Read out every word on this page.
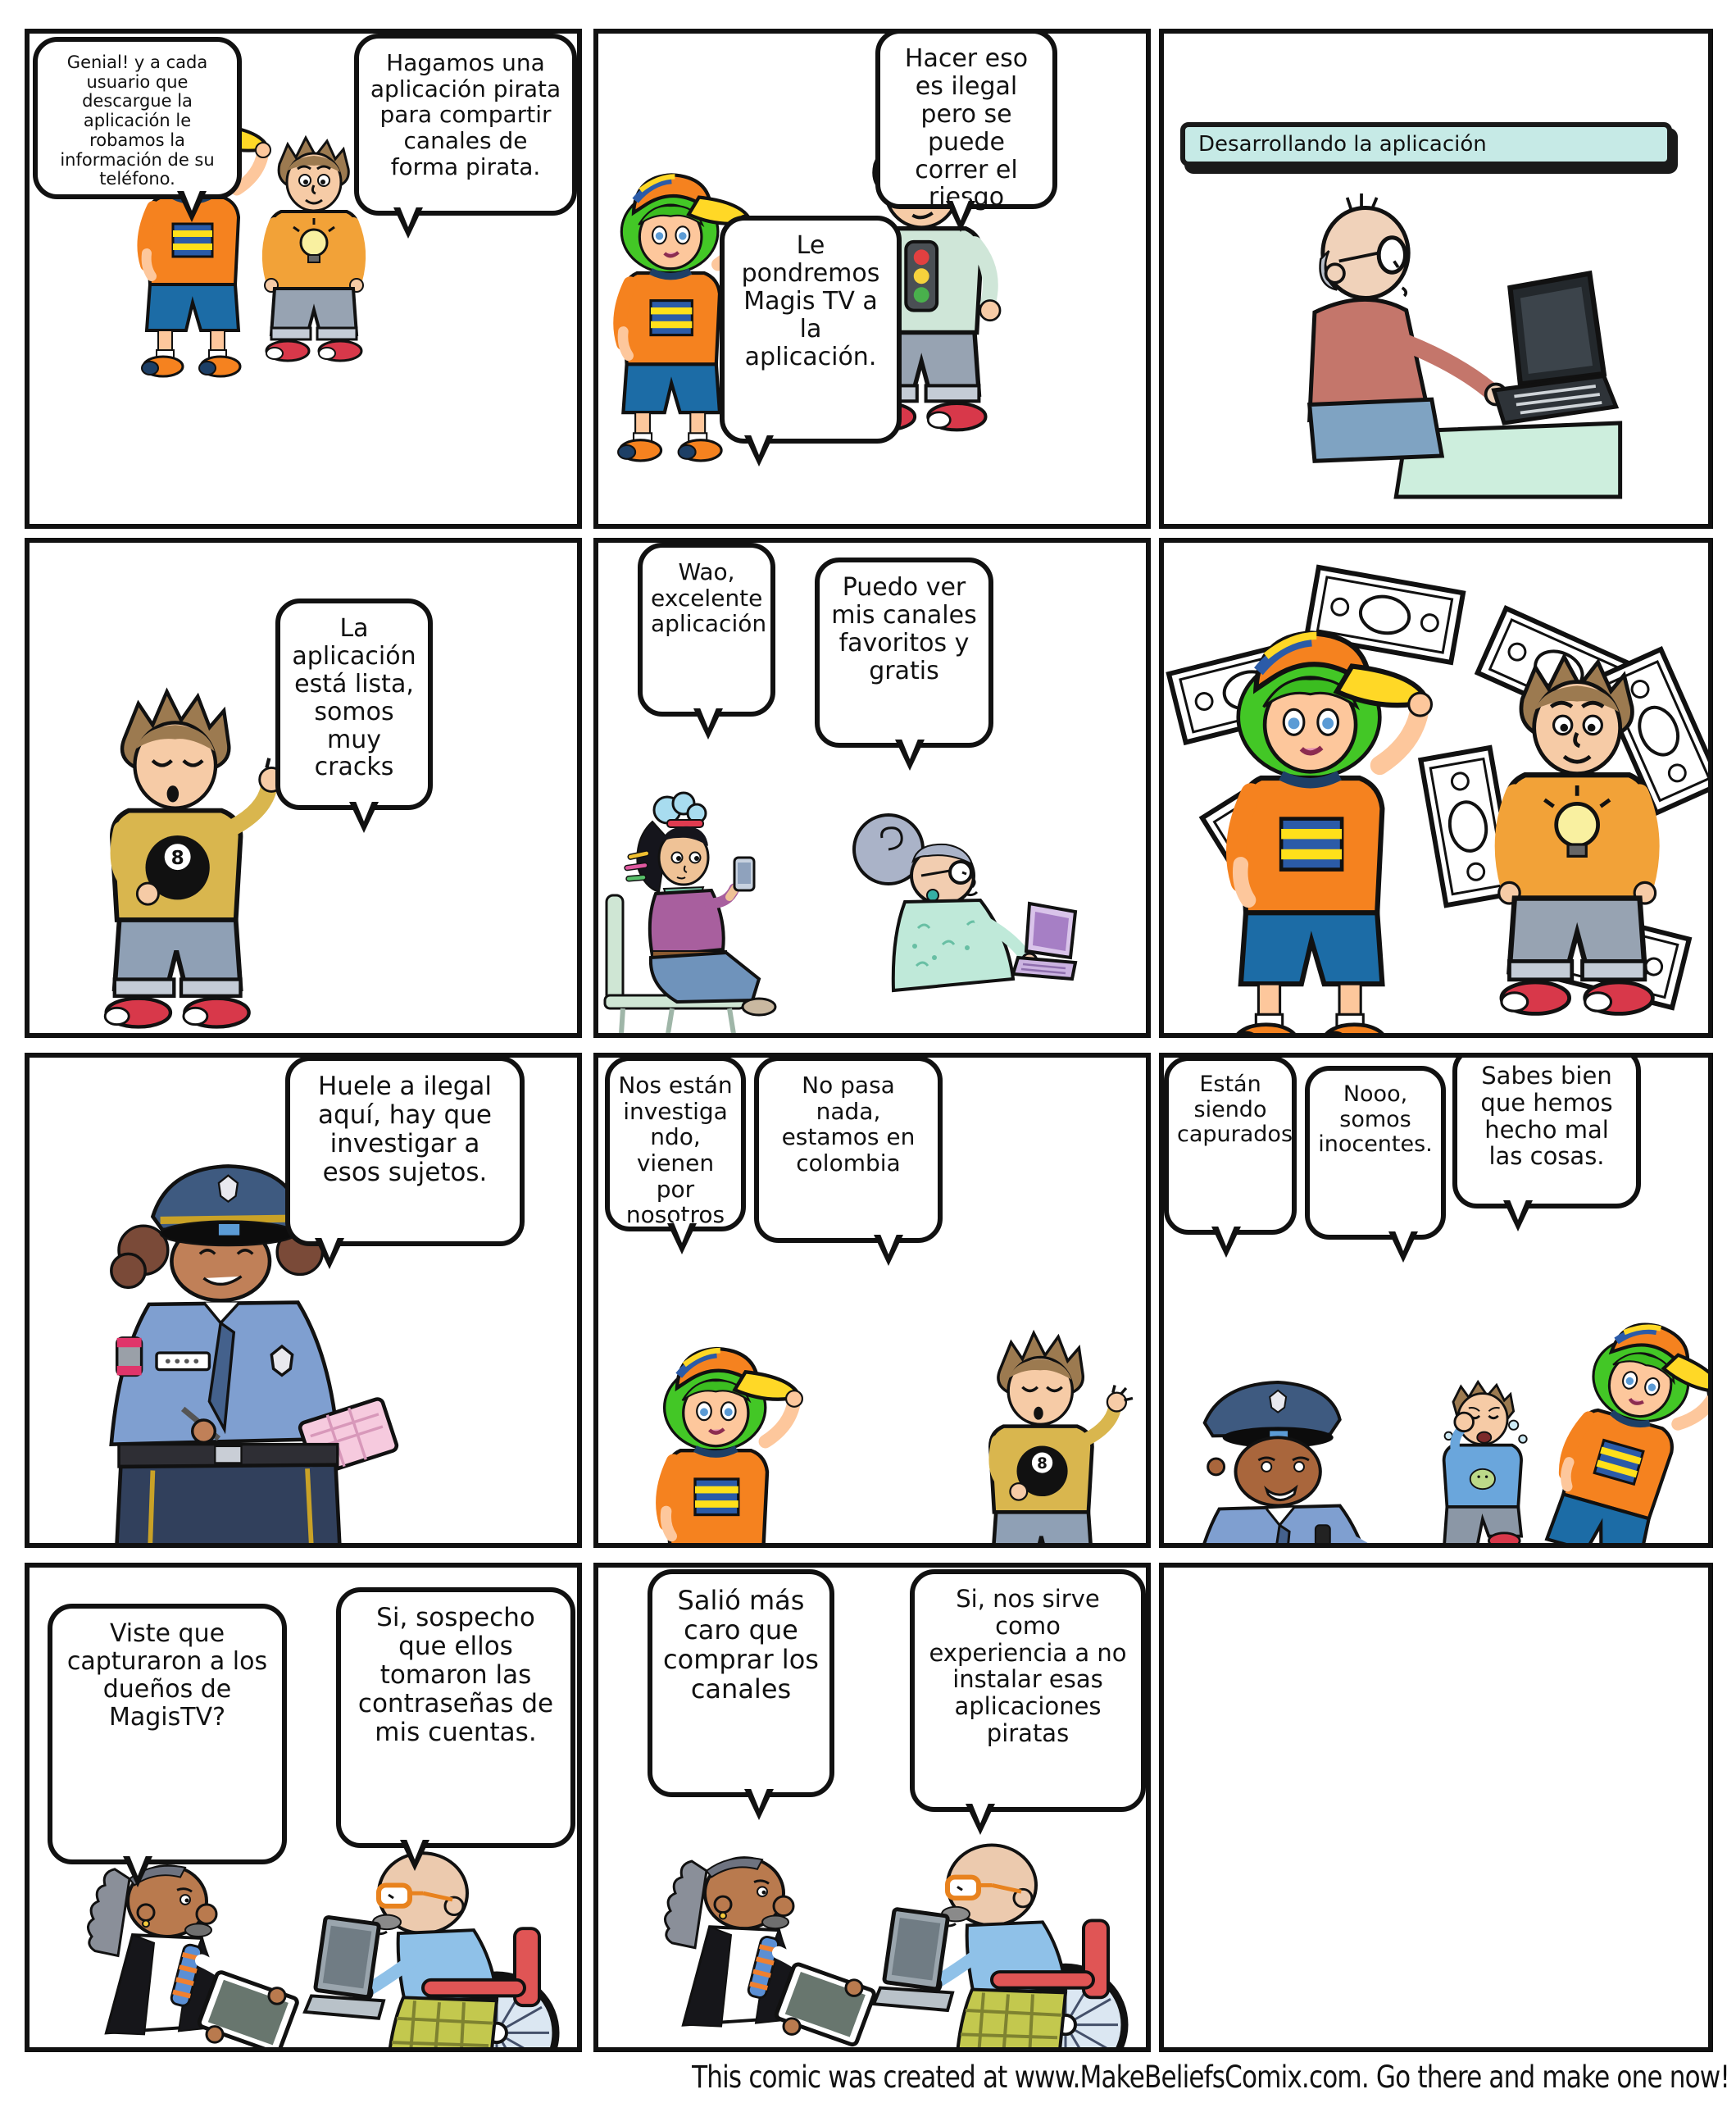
Genial! y a cada usuario que descargue la aplicación le robamos la información de su teléfono.
Hagamos una aplicación pirata para compartir canales de forma pirata.
Le pondremos Magis TV a la aplicación.
Hacer eso es ilegal pero se puede correr el riesgo
Desarrollando la aplicación
La aplicación está lista, somos muy cracks
Wao, excelente aplicación
Puedo ver mis canales favoritos y gratis
Huele a ilegal aquí, hay que investigar a esos sujetos.
Nos están investigando, vienen por nosotros
No pasa nada, estamos en colombia
Están siendo capurados
Nooo, somos inocentes.
Sabes bien que hemos hecho mal las cosas.
Viste que capturaron a los dueños de MagisTV?
Si, sospecho que ellos tomaron las contraseñas de mis cuentas.
Salió más caro que comprar los canales
Si, nos sirve como experiencia a no instalar esas aplicaciones piratas
This comic was created at www.MakeBeliefsComix.com. Go there and make one now!
